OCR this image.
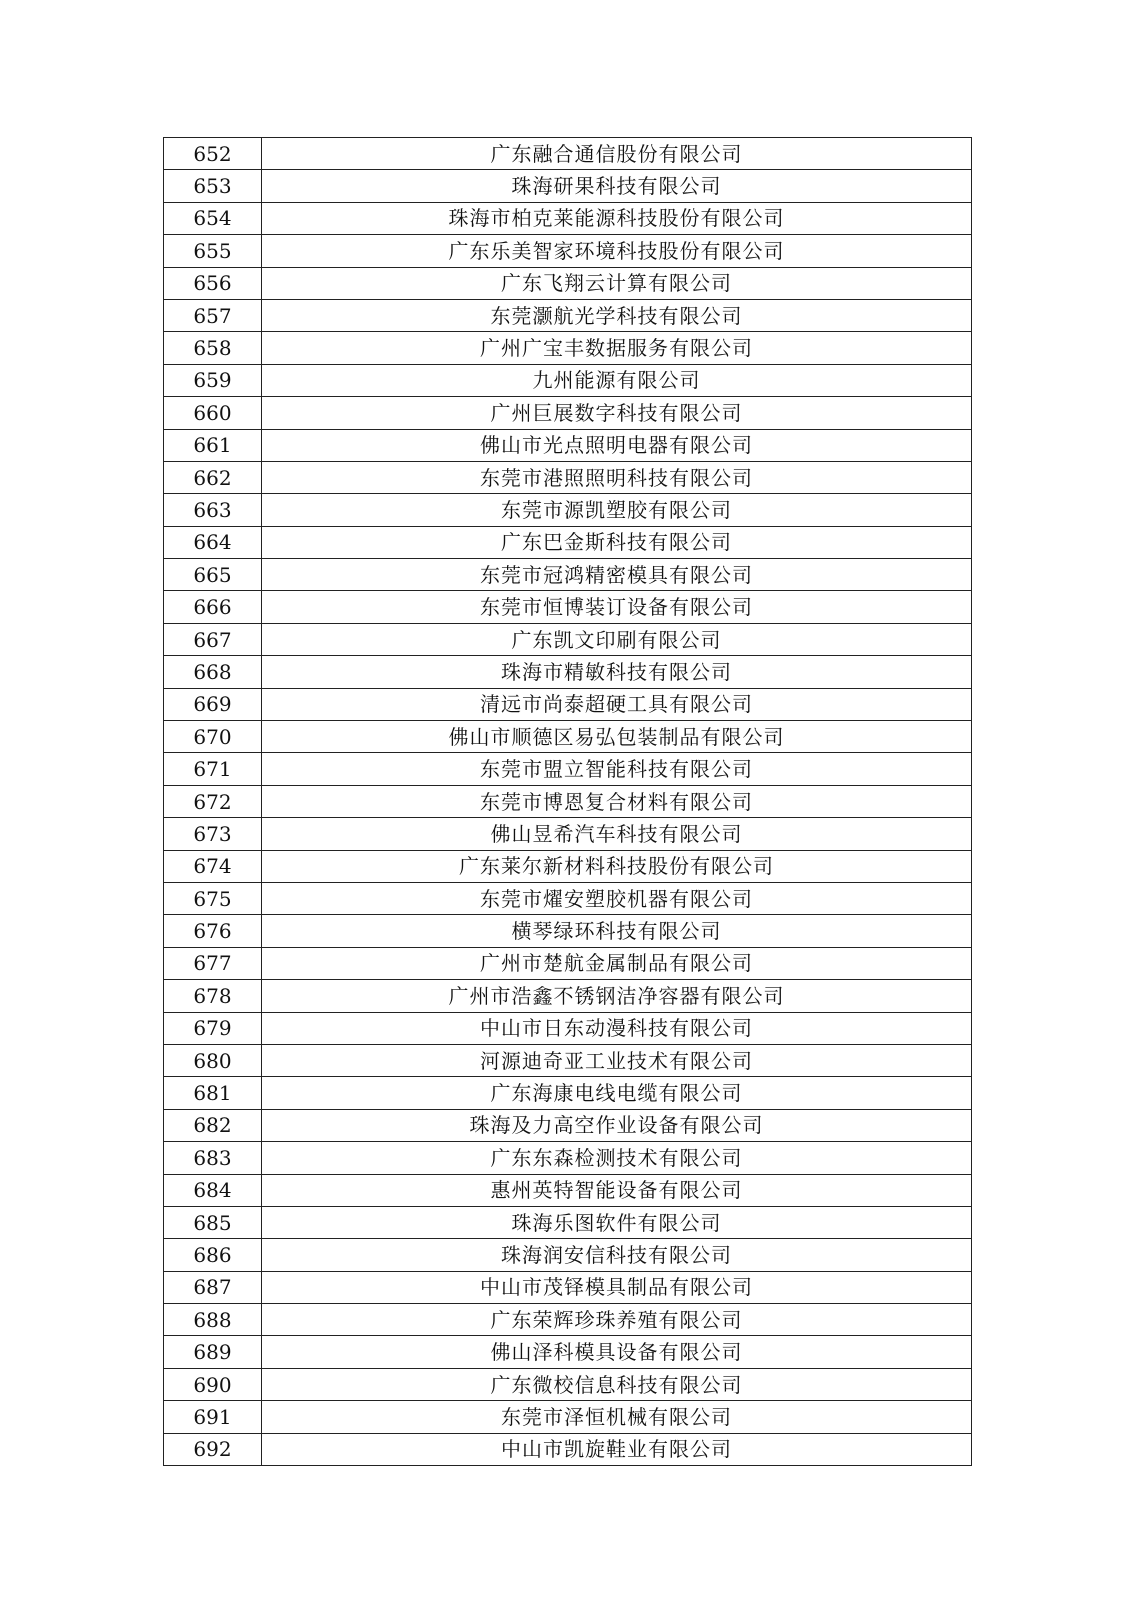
652	广东融合通信股份有限公司
653	珠海研果科技有限公司
654	珠海市柏克莱能源科技股份有限公司
655	广东乐美智家环境科技股份有限公司
656	广东飞翔云计算有限公司
657	东莞灏航光学科技有限公司
658	广州广宝丰数据服务有限公司
659	九州能源有限公司
660	广州巨展数字科技有限公司
661	佛山市光点照明电器有限公司
662	东莞市港照照明科技有限公司
663	东莞市源凯塑胶有限公司
664	广东巴金斯科技有限公司
665	东莞市冠鸿精密模具有限公司
666	东莞市恒博装订设备有限公司
667	广东凯文印刷有限公司
668	珠海市精敏科技有限公司
669	清远市尚泰超硬工具有限公司
670	佛山市顺德区易弘包装制品有限公司
671	东莞市盟立智能科技有限公司
672	东莞市博恩复合材料有限公司
673	佛山昱希汽车科技有限公司
674	广东莱尔新材料科技股份有限公司
675	东莞市燿安塑胶机器有限公司
676	横琴绿环科技有限公司
677	广州市楚航金属制品有限公司
678	广州市浩鑫不锈钢洁净容器有限公司
679	中山市日东动漫科技有限公司
680	河源迪奇亚工业技术有限公司
681	广东海康电线电缆有限公司
682	珠海及力高空作业设备有限公司
683	广东东森检测技术有限公司
684	惠州英特智能设备有限公司
685	珠海乐图软件有限公司
686	珠海润安信科技有限公司
687	中山市茂铎模具制品有限公司
688	广东荣辉珍珠养殖有限公司
689	佛山泽科模具设备有限公司
690	广东微校信息科技有限公司
691	东莞市泽恒机械有限公司
692	中山市凯旋鞋业有限公司
